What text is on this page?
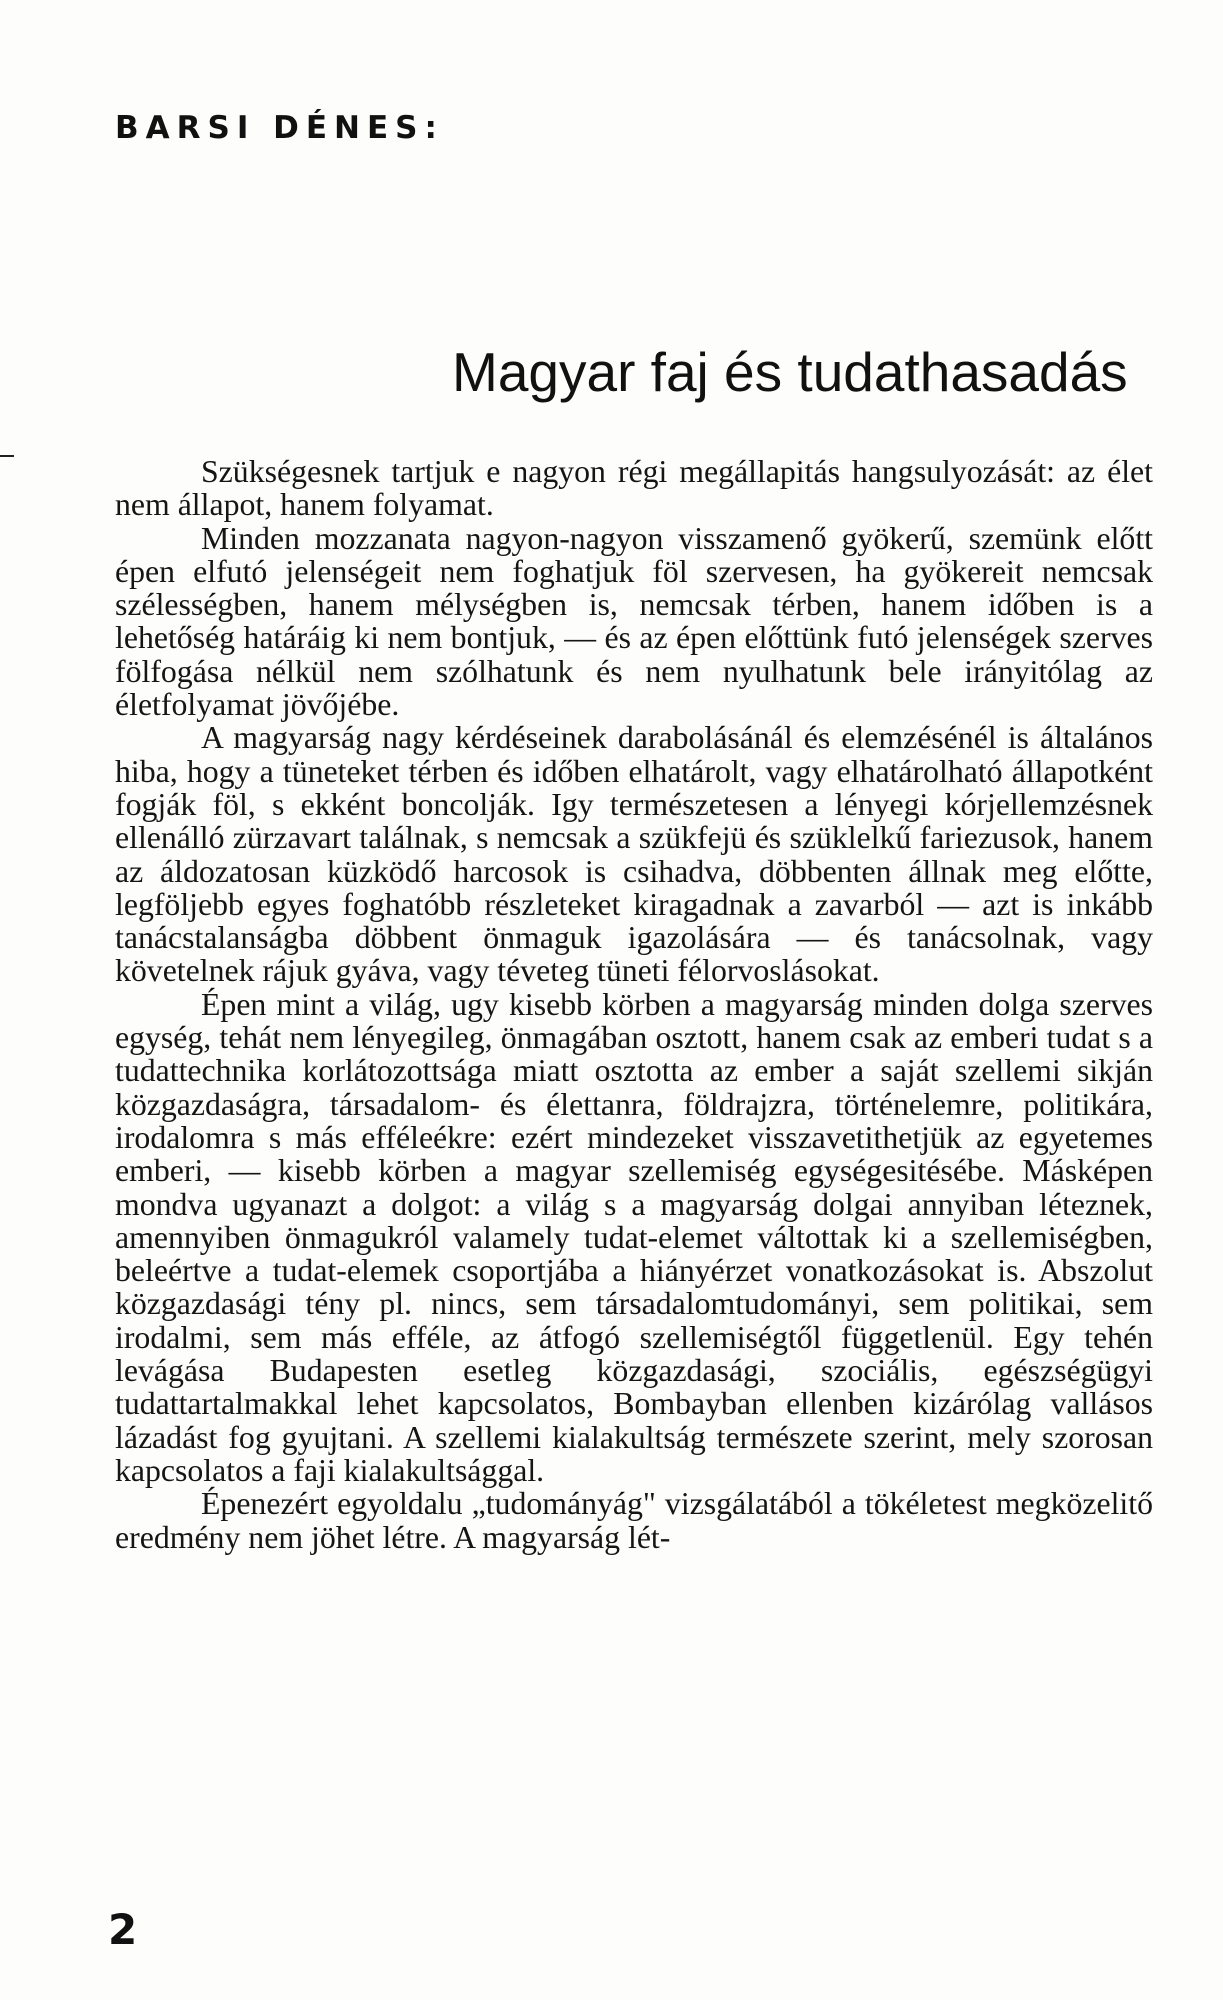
BARSI DÉNES:
Magyar faj és tudathasadás

Szükségesnek tartjuk e nagyon régi megállapitás hangsulyozását: az élet nem állapot, hanem folyamat.

Minden mozzanata nagyon-nagyon visszamenő gyökerű, szemünk előtt épen elfutó jelenségeit nem foghatjuk föl szervesen, ha gyökereit nemcsak szélességben, hanem mélységben is, nemcsak térben, hanem időben is a lehetőség határáig ki nem bontjuk, — és az épen előttünk futó jelenségek szerves fölfogása nélkül nem szólhatunk és nem nyulhatunk bele irányitólag az életfolyamat jövőjébe.

A magyarság nagy kérdéseinek darabolásánál és elemzésénél is általános hiba, hogy a tüneteket térben és időben elhatárolt, vagy elhatárolható állapotként fogják föl, s ekként boncolják. Igy természetesen a lényegi kórjellemzésnek ellenálló zürzavart találnak, s nemcsak a szükfejü és szüklelkű fariezusok, hanem az áldozatosan küzködő harcosok is csihadva, döbbenten állnak meg előtte, legföljebb egyes foghatóbb részleteket kiragadnak a zavarból — azt is inkább tanácstalanságba döbbent önmaguk igazolására — és tanácsolnak, vagy követelnek rájuk gyáva, vagy téveteg tüneti félorvoslásokat.

Épen mint a világ, ugy kisebb körben a magyarság minden dolga szerves egység, tehát nem lényegileg, önmagában osztott, hanem csak az emberi tudat s a tudattechnika korlátozottsága miatt osztotta az ember a saját szellemi sikján közgazdaságra, társadalom- és élettanra, földrajzra, történelemre, politikára, irodalomra s más efféleékre: ezért mindezeket visszavetithetjük az egyetemes emberi, — kisebb körben a magyar szellemiség egységesitésébe. Másképen mondva ugyanazt a dolgot: a világ s a magyarság dolgai annyiban léteznek, amennyiben önmagukról valamely tudat-elemet váltottak ki a szellemiségben, beleértve a tudat-elemek csoportjába a hiányérzet vonatkozásokat is. Abszolut közgazdasági tény pl. nincs, sem társadalomtudományi, sem politikai, sem irodalmi, sem más efféle, az átfogó szellemiségtől függetlenül. Egy tehén levágása Budapesten esetleg közgazdasági, szociális, egészségügyi tudattartalmakkal lehet kapcsolatos, Bombayban ellenben kizárólag vallásos lázadást fog gyujtani. A szellemi kialakultság természete szerint, mely szorosan kapcsolatos a faji kialakultsággal.

Épenezért egyoldalu „tudományág" vizsgálatából a tökéletest megközelitő eredmény nem jöhet létre. A magyarság lét-

2
